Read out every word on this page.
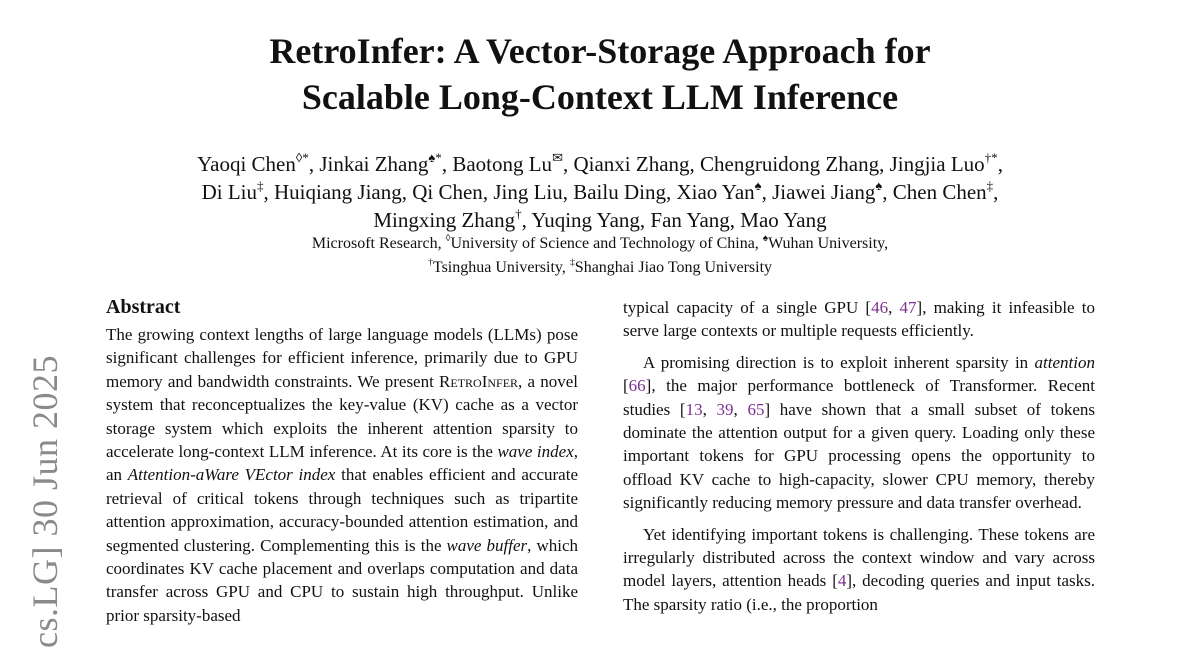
cs.LG] 30 Jun 2025
RetroInfer: A Vector-Storage Approach for
Scalable Long-Context LLM Inference
Yaoqi Chen◊*, Jinkai Zhang♠*, Baotong Lu✉, Qianxi Zhang, Chengruidong Zhang, Jingjia Luo†*,
Di Liu‡, Huiqiang Jiang, Qi Chen, Jing Liu, Bailu Ding, Xiao Yan♠, Jiawei Jiang♠, Chen Chen‡,
Mingxing Zhang†, Yuqing Yang, Fan Yang, Mao Yang
Microsoft Research, ◊University of Science and Technology of China, ♠Wuhan University,
†Tsinghua University, ‡Shanghai Jiao Tong University
Abstract

The growing context lengths of large language models (LLMs) pose significant challenges for efficient inference, primarily due to GPU memory and bandwidth constraints. We present RetroInfer, a novel system that reconceptualizes the key-value (KV) cache as a vector storage system which exploits the inherent attention sparsity to accelerate long-context LLM inference. At its core is the wave index, an Attention-aWare VEctor index that enables efficient and accurate retrieval of critical tokens through techniques such as tripartite attention approximation, accuracy-bounded attention estimation, and segmented clustering. Complementing this is the wave buffer, which coordinates KV cache placement and overlaps computation and data transfer across GPU and CPU to sustain high throughput. Unlike prior sparsity-based

typical capacity of a single GPU [46, 47], making it infeasible to serve large contexts or multiple requests efficiently.

A promising direction is to exploit inherent sparsity in attention [66], the major performance bottleneck of Transformer. Recent studies [13, 39, 65] have shown that a small subset of tokens dominate the attention output for a given query. Loading only these important tokens for GPU processing opens the opportunity to offload KV cache to high-capacity, slower CPU memory, thereby significantly reducing memory pressure and data transfer overhead.

Yet identifying important tokens is challenging. These tokens are irregularly distributed across the context window and vary across model layers, attention heads [4], decoding queries and input tasks. The sparsity ratio (i.e., the proportion
